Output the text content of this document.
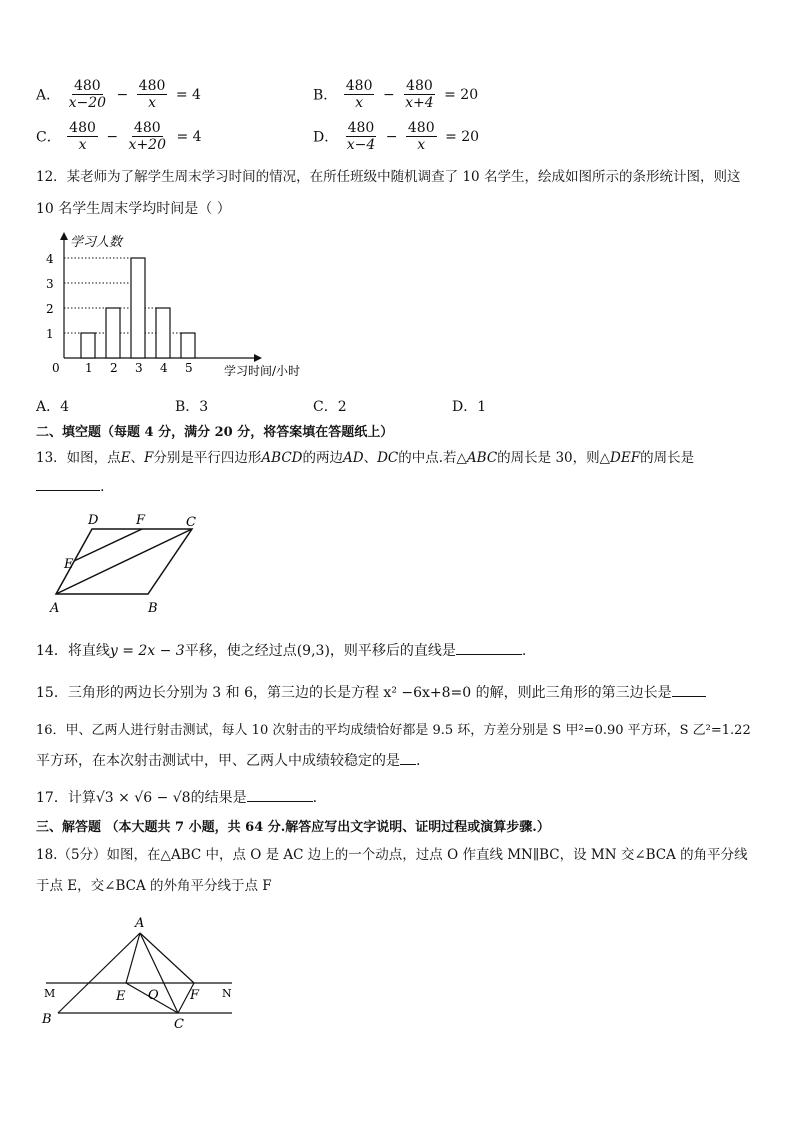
A． $\frac{480}{x-20} - \frac{480}{x} = 4$	B． $\frac{480}{x} - \frac{480}{x+4} = 20$
C． $\frac{480}{x} - \frac{480}{x+20} = 4$	D． $\frac{480}{x-4} - \frac{480}{x} = 20$
12．某老师为了解学生周末学习时间的情况，在所任班级中随机调查了 10 名学生，绘成如图所示的条形统计图，则这
10 名学生周末学均时间是（ ）
学习人数
学习时间/小时
0
1
2
3
4
1 2 3 4 5
A．4	B．3	C．2	D．1
二、填空题（每题 4 分，满分 20 分，将答案填在答题纸上）
13．如图，点E、F分别是平行四边形ABCD的两边AD、DC的中点.若△ABC的周长是 30，则△DEF的周长是
.
D	F	C
E
A	B
14．将直线y = 2x − 3平移，使之经过点(9,3)，则平移后的直线是	.
15．三角形的两边长分别为 3 和 6，第三边的长是方程 x² −6x+8=0 的解，则此三角形的第三边长是
16．甲、乙两人进行射击测试，每人 10 次射击的平均成绩恰好都是 9.5 环，方差分别是 S 甲²=0.90 平方环，S 乙²=1.22
平方环，在本次射击测试中，甲、乙两人中成绩较稳定的是 .
17．计算√3 × √6 − √8的结果是	.
三、解答题 （本大题共 7 小题，共 64 分.解答应写出文字说明、证明过程或演算步骤.）
18.（5分）如图，在△ABC 中，点 O 是 AC 边上的一个动点，过点 O 作直线 MN∥BC，设 MN 交∠BCA 的角平分线
于点 E，交∠BCA 的外角平分线于点 F
A
M	E O F N
B	C
